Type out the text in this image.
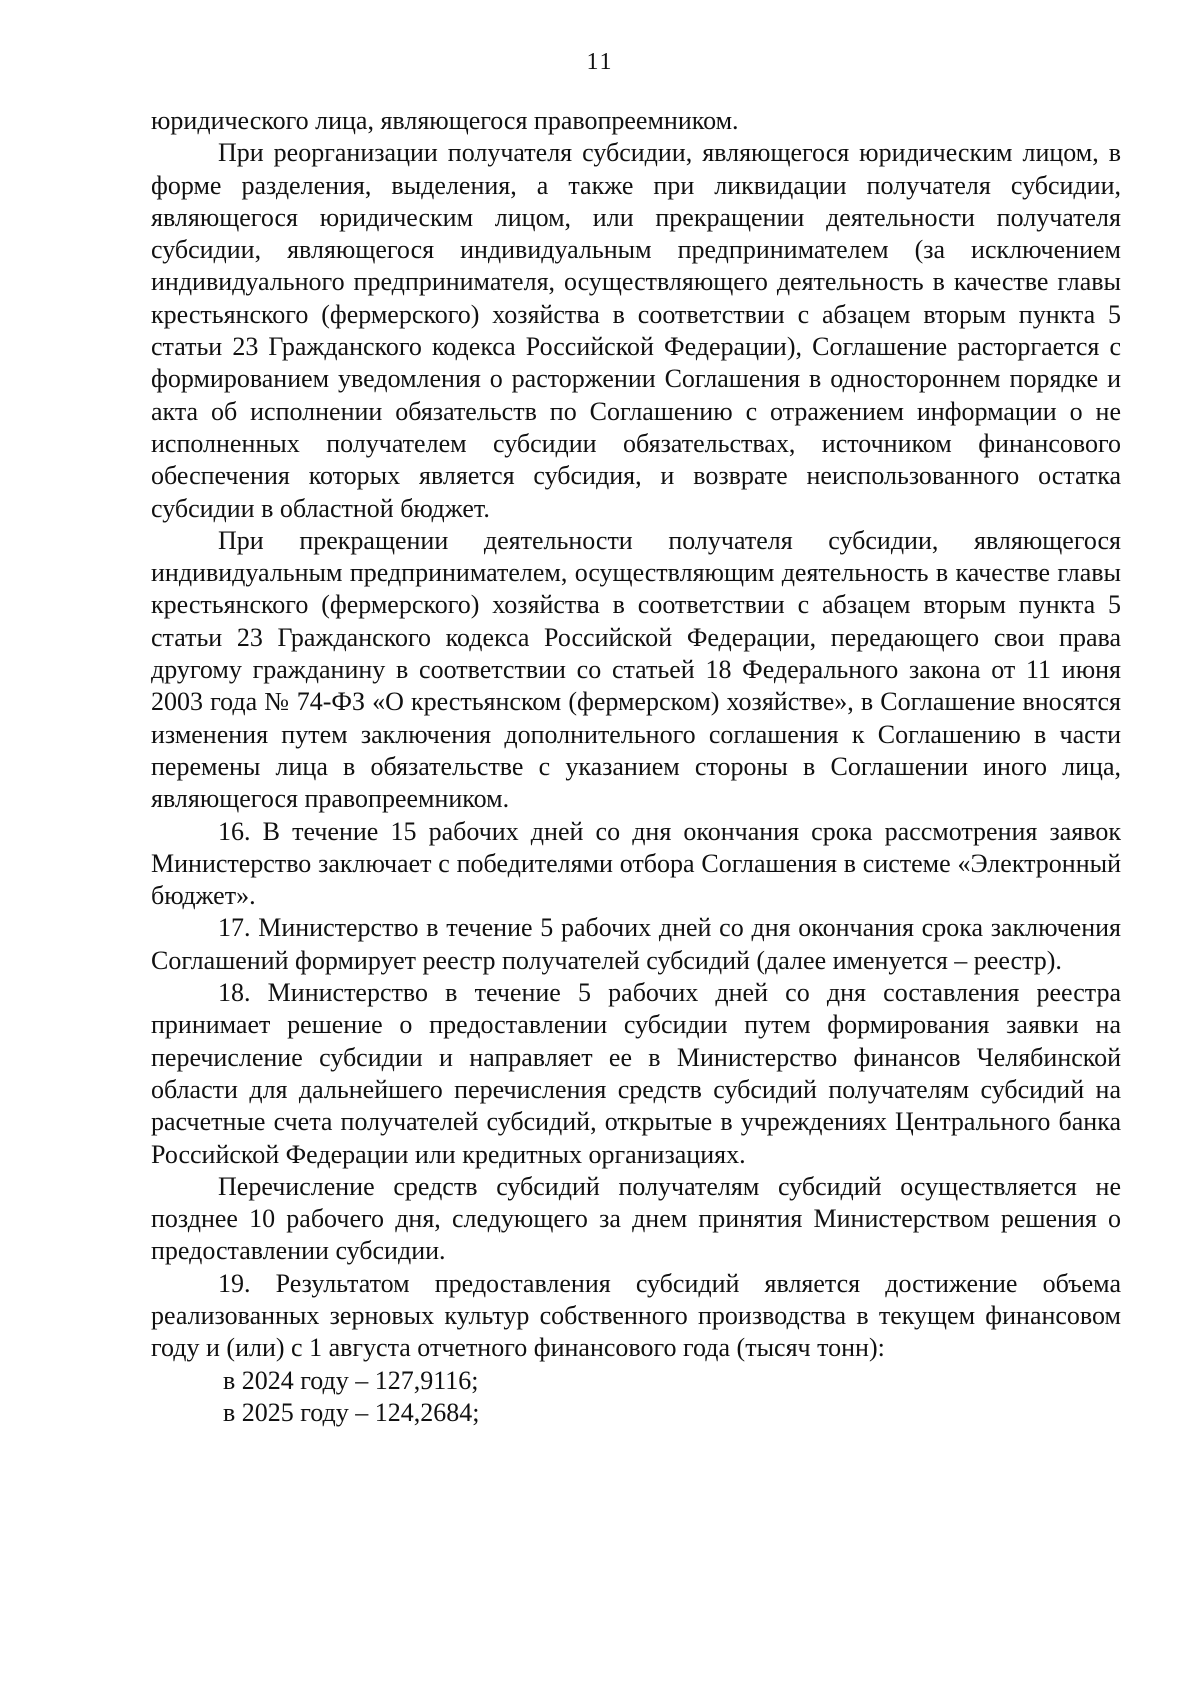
11

юридического лица, являющегося правопреемником.

При реорганизации получателя субсидии, являющегося юридическим лицом, в форме разделения, выделения, а также при ликвидации получателя субсидии, являющегося юридическим лицом, или прекращении деятельности получателя субсидии, являющегося индивидуальным предпринимателем (за исключением индивидуального предпринимателя, осуществляющего деятельность в качестве главы крестьянского (фермерского) хозяйства в соответствии с абзацем вторым пункта 5 статьи 23 Гражданского кодекса Российской Федерации), Соглашение расторгается с формированием уведомления о расторжении Соглашения в одностороннем порядке и акта об исполнении обязательств по Соглашению с отражением информации о не исполненных получателем субсидии обязательствах, источником финансового обеспечения которых является субсидия, и возврате неиспользованного остатка субсидии в областной бюджет.

При прекращении деятельности получателя субсидии, являющегося индивидуальным предпринимателем, осуществляющим деятельность в качестве главы крестьянского (фермерского) хозяйства в соответствии с абзацем вторым пункта 5 статьи 23 Гражданского кодекса Российской Федерации, передающего свои права другому гражданину в соответствии со статьей 18 Федерального закона от 11 июня 2003 года № 74-ФЗ «О крестьянском (фермерском) хозяйстве», в Соглашение вносятся изменения путем заключения дополнительного соглашения к Соглашению в части перемены лица в обязательстве с указанием стороны в Соглашении иного лица, являющегося правопреемником.

16. В течение 15 рабочих дней со дня окончания срока рассмотрения заявок Министерство заключает с победителями отбора Соглашения в системе «Электронный бюджет».

17. Министерство в течение 5 рабочих дней со дня окончания срока заключения Соглашений формирует реестр получателей субсидий (далее именуется – реестр).

18. Министерство в течение 5 рабочих дней со дня составления реестра принимает решение о предоставлении субсидии путем формирования заявки на перечисление субсидии и направляет ее в Министерство финансов Челябинской области для дальнейшего перечисления средств субсидий получателям субсидий на расчетные счета получателей субсидий, открытые в учреждениях Центрального банка Российской Федерации или кредитных организациях.

Перечисление средств субсидий получателям субсидий осуществляется не позднее 10 рабочего дня, следующего за днем принятия Министерством решения о предоставлении субсидии.

19. Результатом предоставления субсидий является достижение объема реализованных зерновых культур собственного производства в текущем финансовом году и (или) с 1 августа отчетного финансового года (тысяч тонн):

в 2024 году – 127,9116;

в 2025 году – 124,2684;
